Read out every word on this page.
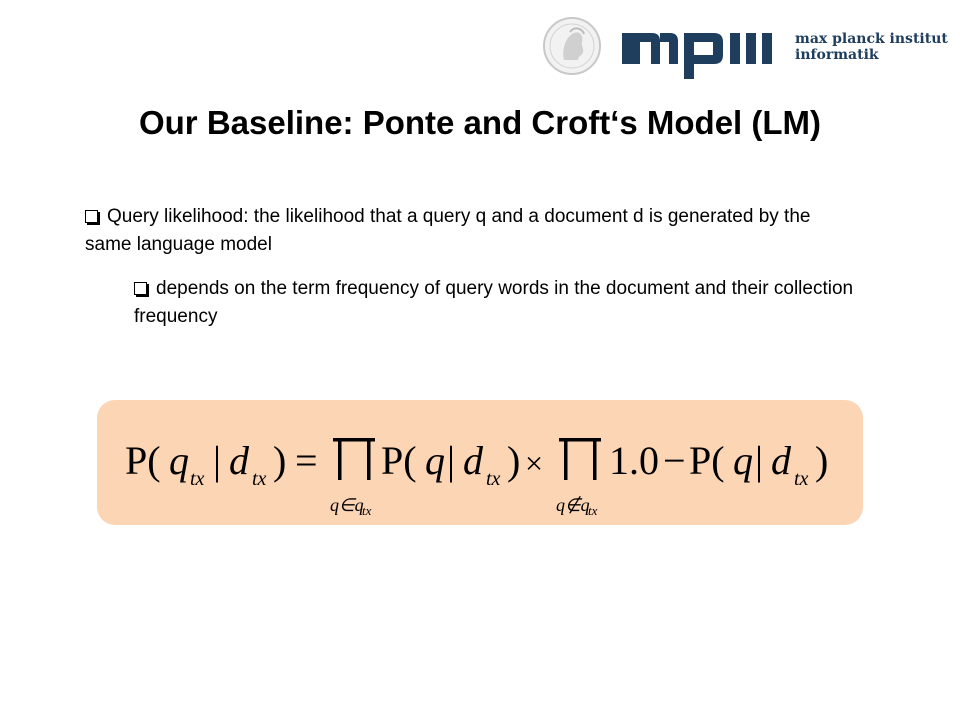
max planck institut
informatik
Our Baseline: Ponte and Croft‘s Model (LM)
Query likelihood: the likelihood that a query q and a document d is generated by the same language model
depends on the term frequency of query words in the document and their collection frequency
P( q tx | d tx ) =
q∈q
tx
P( q | d tx ) ×
q∉q
tx
1.0 − P( q | d tx )
